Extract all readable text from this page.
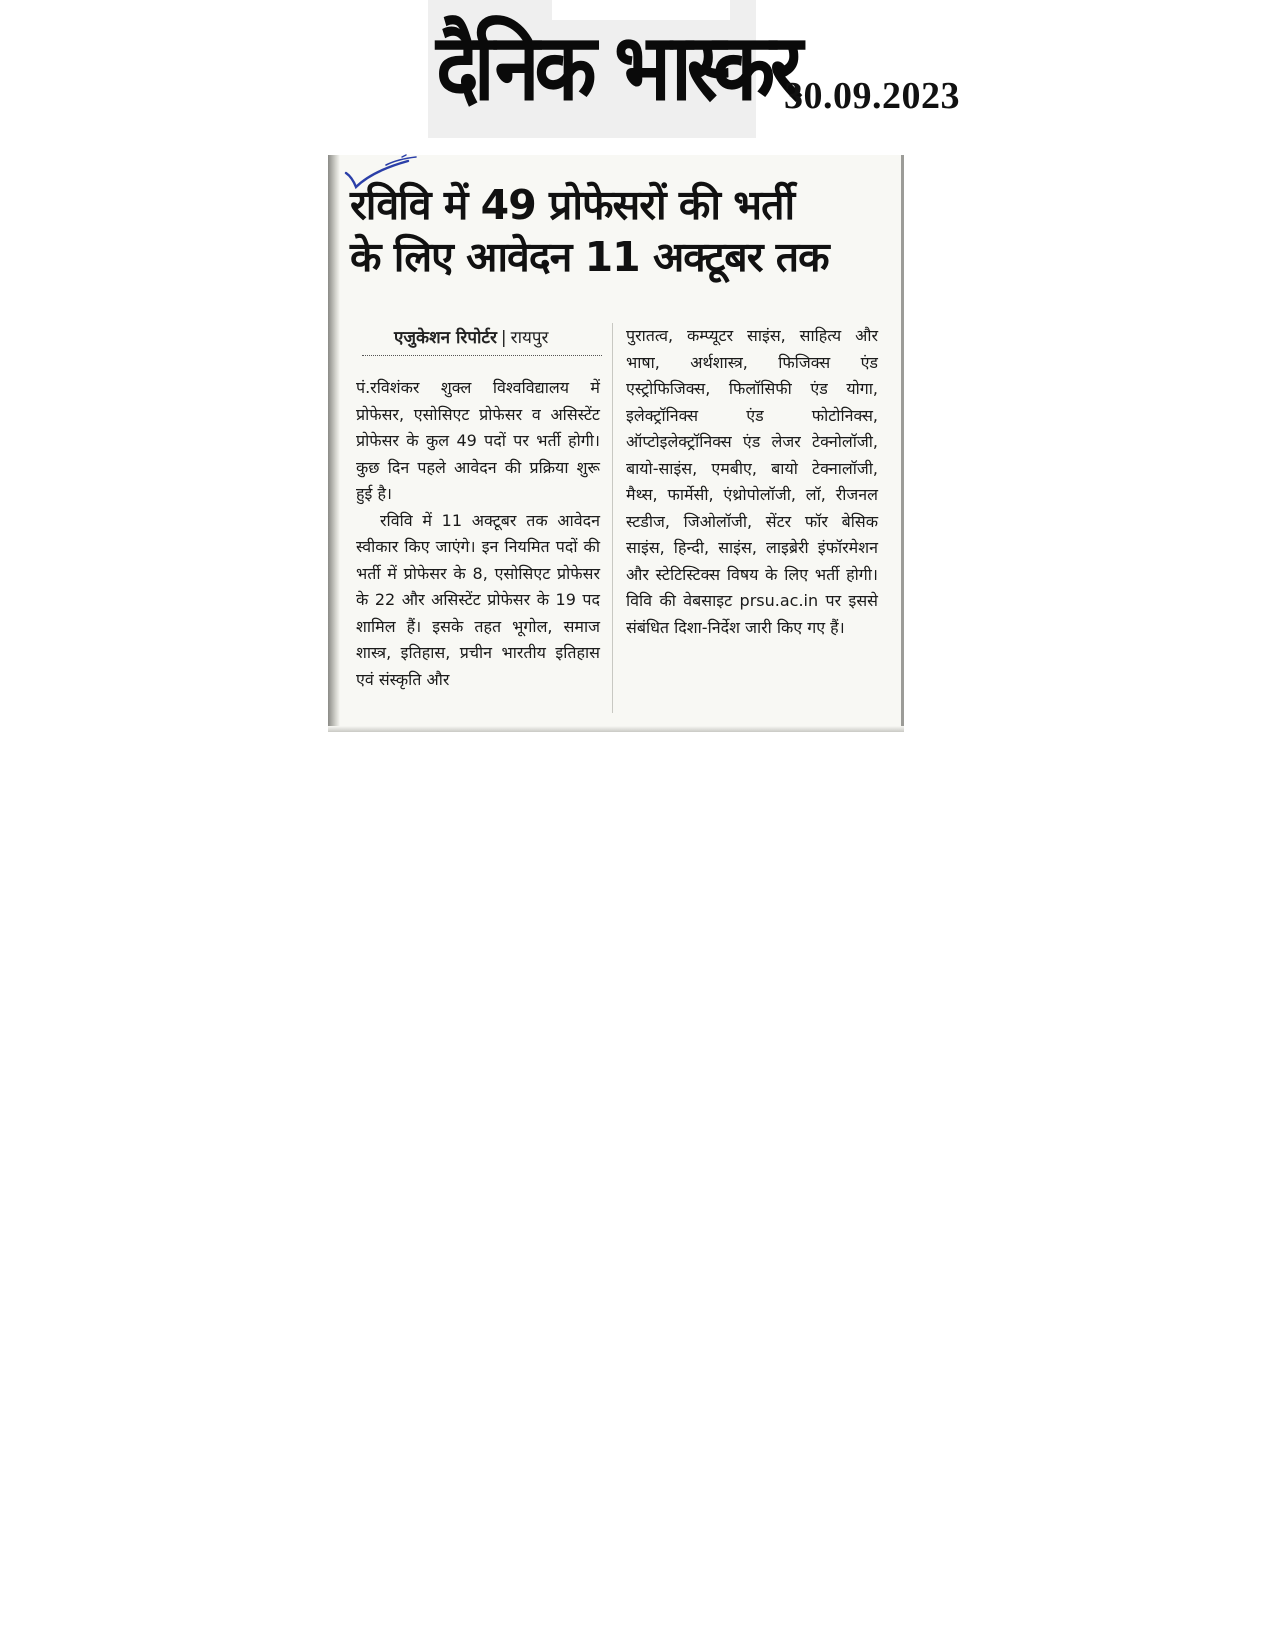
दैनिक भास्कर
30.09.2023
रविवि में 49 प्रोफेसरों की भर्ती
के लिए आवेदन 11 अक्टूबर तक
एजुकेशन रिपोर्टर | रायपुर

पं.रविशंकर शुक्ल विश्वविद्यालय में प्रोफेसर, एसोसिएट प्रोफेसर व असिस्टेंट प्रोफेसर के कुल 49 पदों पर भर्ती होगी। कुछ दिन पहले आवेदन की प्रक्रिया शुरू हुई है।

रविवि में 11 अक्टूबर तक आवेदन स्वीकार किए जाएंगे। इन नियमित पदों की भर्ती में प्रोफेसर के 8, एसोसिएट प्रोफेसर के 22 और असिस्टेंट प्रोफेसर के 19 पद शामिल हैं। इसके तहत भूगोल, समाज शास्त्र, इतिहास, प्रचीन भारतीय इतिहास एवं संस्कृति और

पुरातत्व, कम्प्यूटर साइंस, साहित्य और भाषा, अर्थशास्त्र, फिजिक्स एंड एस्ट्रोफिजिक्स, फिलॉसिफी एंड योगा, इलेक्ट्रॉनिक्स एंड फोटोनिक्स, ऑप्टोइलेक्ट्रॉनिक्स एंड लेजर टेक्नोलॉजी, बायो-साइंस, एमबीए, बायो टेक्नालॉजी, मैथ्स, फार्मेसी, एंथ्रोपोलॉजी, लॉ, रीजनल स्टडीज, जिओलॉजी, सेंटर फॉर बेसिक साइंस, हिन्दी, साइंस, लाइब्रेरी इंफॉरमेशन और स्टेटिस्टिक्स विषय के लिए भर्ती होगी। विवि की वेबसाइट prsu.ac.in पर इससे संबंधित दिशा-निर्देश जारी किए गए हैं।
